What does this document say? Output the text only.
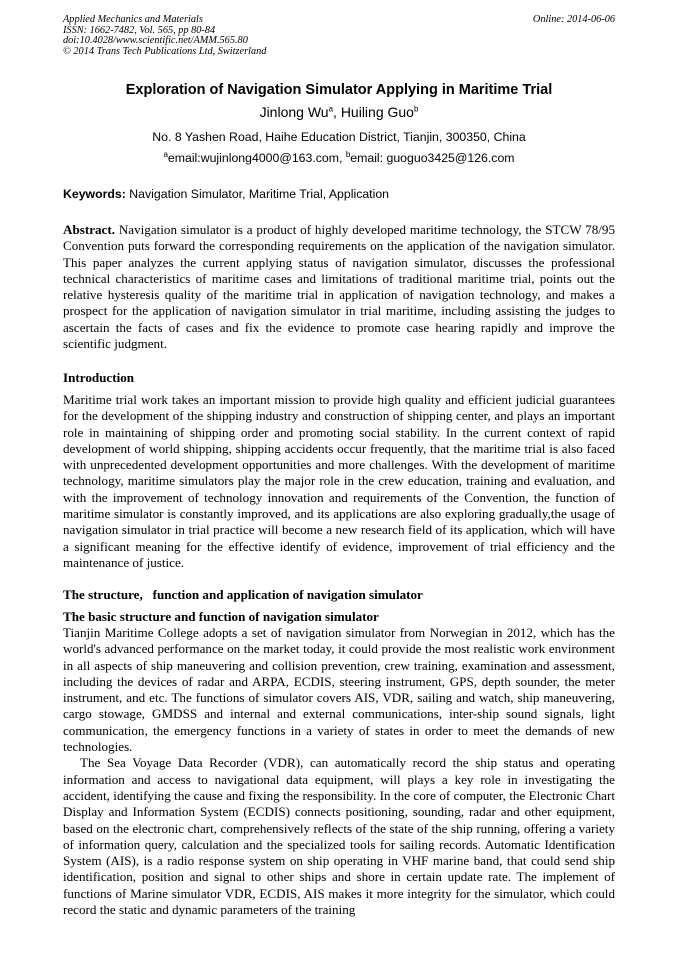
Applied Mechanics and Materials
ISSN: 1662-7482, Vol. 565, pp 80-84
doi:10.4028/www.scientific.net/AMM.565.80
© 2014 Trans Tech Publications Ltd, Switzerland
Online: 2014-06-06
Exploration of Navigation Simulator Applying in Maritime Trial
Jinlong Wu$^a$, Huiling Guo$^b$
No. 8 Yashen Road, Haihe Education District, Tianjin, 300350, China
$^a$email:wujinlong4000@163.com, $^b$email: guoguo3425@126.com
Keywords: Navigation Simulator, Maritime Trial, Application

Abstract. Navigation simulator is a product of highly developed maritime technology, the STCW 78/95 Convention puts forward the corresponding requirements on the application of the navigation simulator. This paper analyzes the current applying status of navigation simulator, discusses the professional technical characteristics of maritime cases and limitations of traditional maritime trial, points out the relative hysteresis quality of the maritime trial in application of navigation technology, and makes a prospect for the application of navigation simulator in trial maritime, including assisting the judges to ascertain the facts of cases and fix the evidence to promote case hearing rapidly and improve the scientific judgment.

Introduction

Maritime trial work takes an important mission to provide high quality and efficient judicial guarantees for the development of the shipping industry and construction of shipping center, and plays an important role in maintaining of shipping order and promoting social stability. In the current context of rapid development of world shipping, shipping accidents occur frequently, that the maritime trial is also faced with unprecedented development opportunities and more challenges. With the development of maritime technology, maritime simulators play the major role in the crew education, training and evaluation, and with the improvement of technology innovation and requirements of the Convention, the function of maritime simulator is constantly improved, and its applications are also exploring gradually,the usage of navigation simulator in trial practice will become a new research field of its application, which will have a significant meaning for the effective identify of evidence, improvement of trial efficiency and the maintenance of justice.

The structure,   function and application of navigation simulator
The basic structure and function of navigation simulator

Tianjin Maritime College adopts a set of navigation simulator from Norwegian in 2012, which has the world's advanced performance on the market today, it could provide the most realistic work environment in all aspects of ship maneuvering and collision prevention, crew training, examination and assessment, including the devices of radar and ARPA, ECDIS, steering instrument, GPS, depth sounder, the meter instrument, and etc. The functions of simulator covers AIS, VDR, sailing and watch, ship maneuvering, cargo stowage, GMDSS and internal and external communications, inter-ship sound signals, light communication, the emergency functions in a variety of states in order to meet the demands of new technologies.

The Sea Voyage Data Recorder (VDR), can automatically record the ship status and operating information and access to navigational data equipment, will plays a key role in investigating the accident, identifying the cause and fixing the responsibility. In the core of computer, the Electronic Chart Display and Information System (ECDIS) connects positioning, sounding, radar and other equipment, based on the electronic chart, comprehensively reflects of the state of the ship running, offering a variety of information query, calculation and the specialized tools for sailing records. Automatic Identification System (AIS), is a radio response system on ship operating in VHF marine band, that could send ship identification, position and signal to other ships and shore in certain update rate. The implement of functions of Marine simulator VDR, ECDIS, AIS makes it more integrity for the simulator, which could record the static and dynamic parameters of the training
